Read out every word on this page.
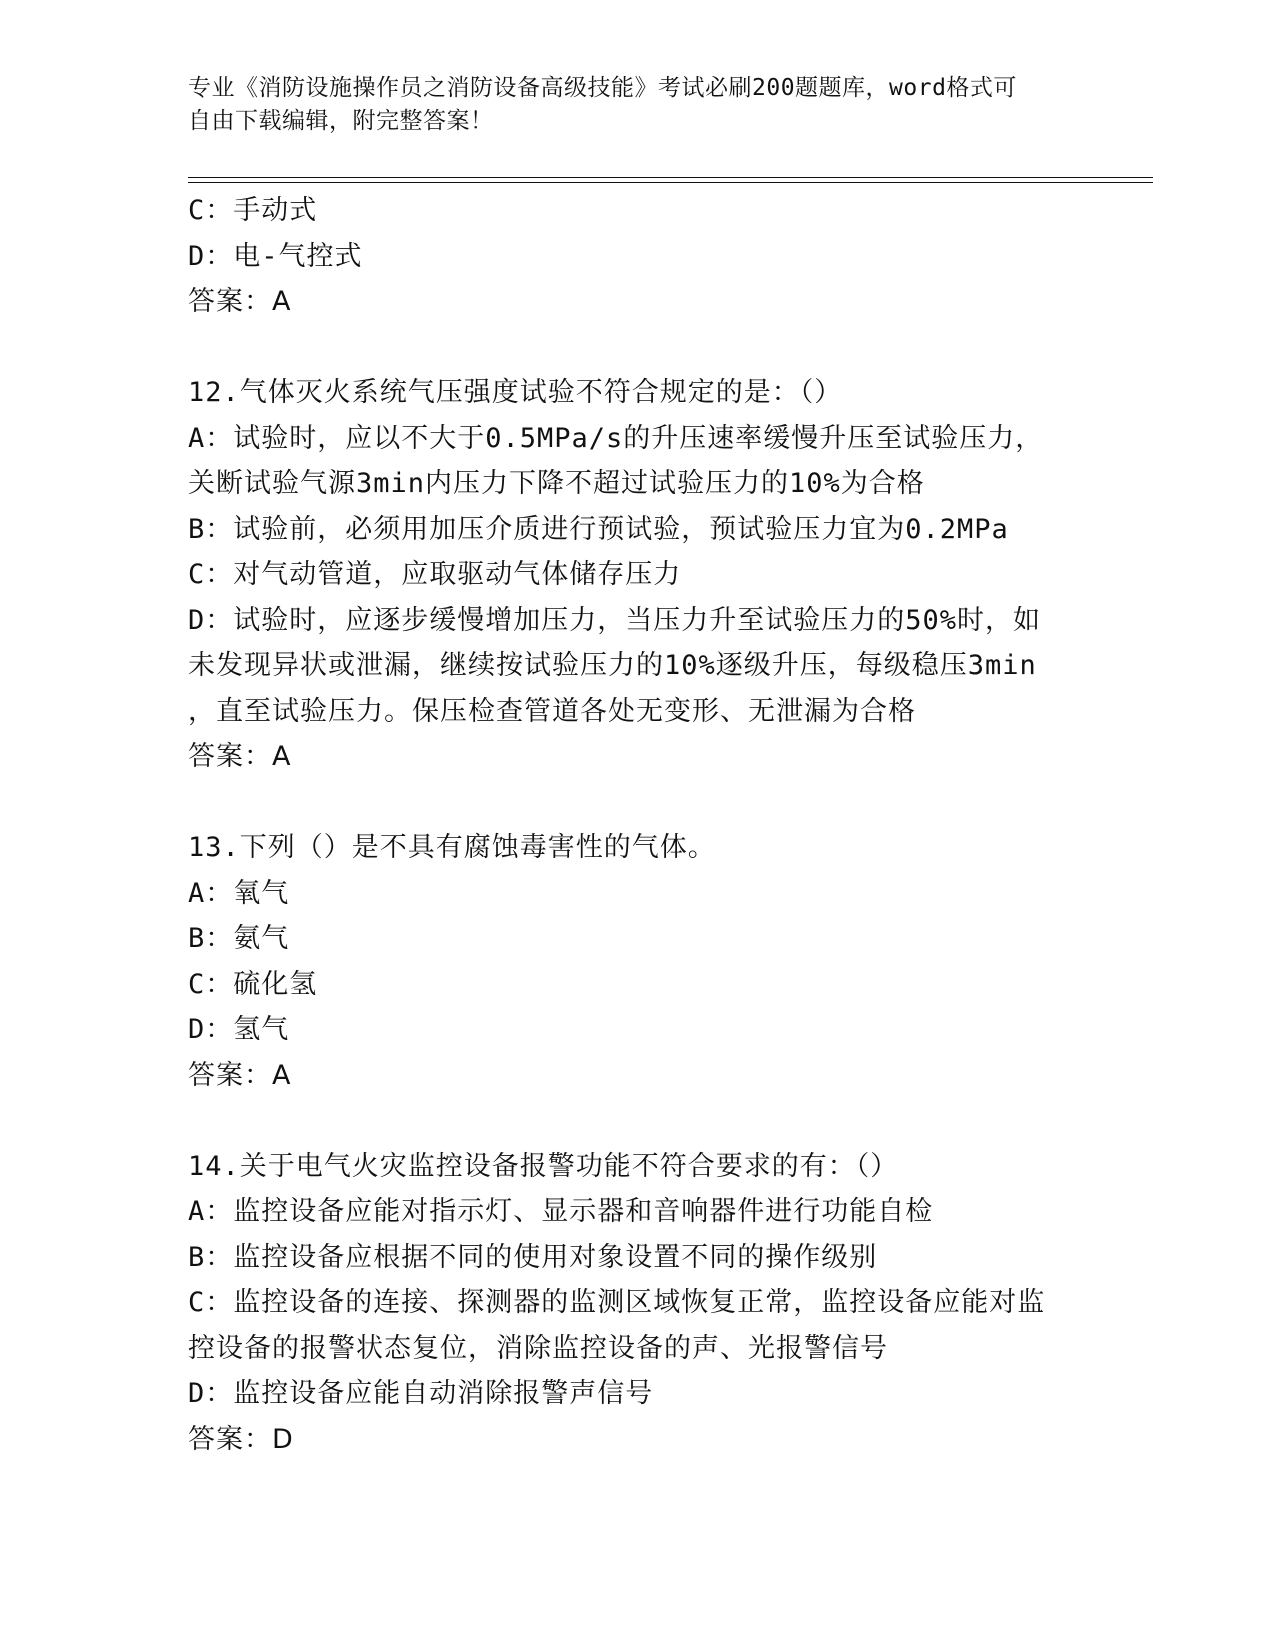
专业《消防设施操作员之消防设备高级技能》考试必刷200题题库，word格式可
自由下载编辑，附完整答案！
C：手动式
D：电-气控式
答案：A
12.气体灭火系统气压强度试验不符合规定的是：（）
A：试验时，应以不大于0.5MPa/s的升压速率缓慢升压至试验压力，
关断试验气源3min内压力下降不超过试验压力的10%为合格
B：试验前，必须用加压介质进行预试验，预试验压力宜为0.2MPa
C：对气动管道，应取驱动气体储存压力
D：试验时，应逐步缓慢增加压力，当压力升至试验压力的50%时，如
未发现异状或泄漏，继续按试验压力的10%逐级升压，每级稳压3min
，直至试验压力。保压检查管道各处无变形、无泄漏为合格
答案：A
13.下列（）是不具有腐蚀毒害性的气体。
A：氧气
B：氨气
C：硫化氢
D：氢气
答案：A
14.关于电气火灾监控设备报警功能不符合要求的有：（）
A：监控设备应能对指示灯、显示器和音响器件进行功能自检
B：监控设备应根据不同的使用对象设置不同的操作级别
C：监控设备的连接、探测器的监测区域恢复正常，监控设备应能对监
控设备的报警状态复位，消除监控设备的声、光报警信号
D：监控设备应能自动消除报警声信号
答案：D
